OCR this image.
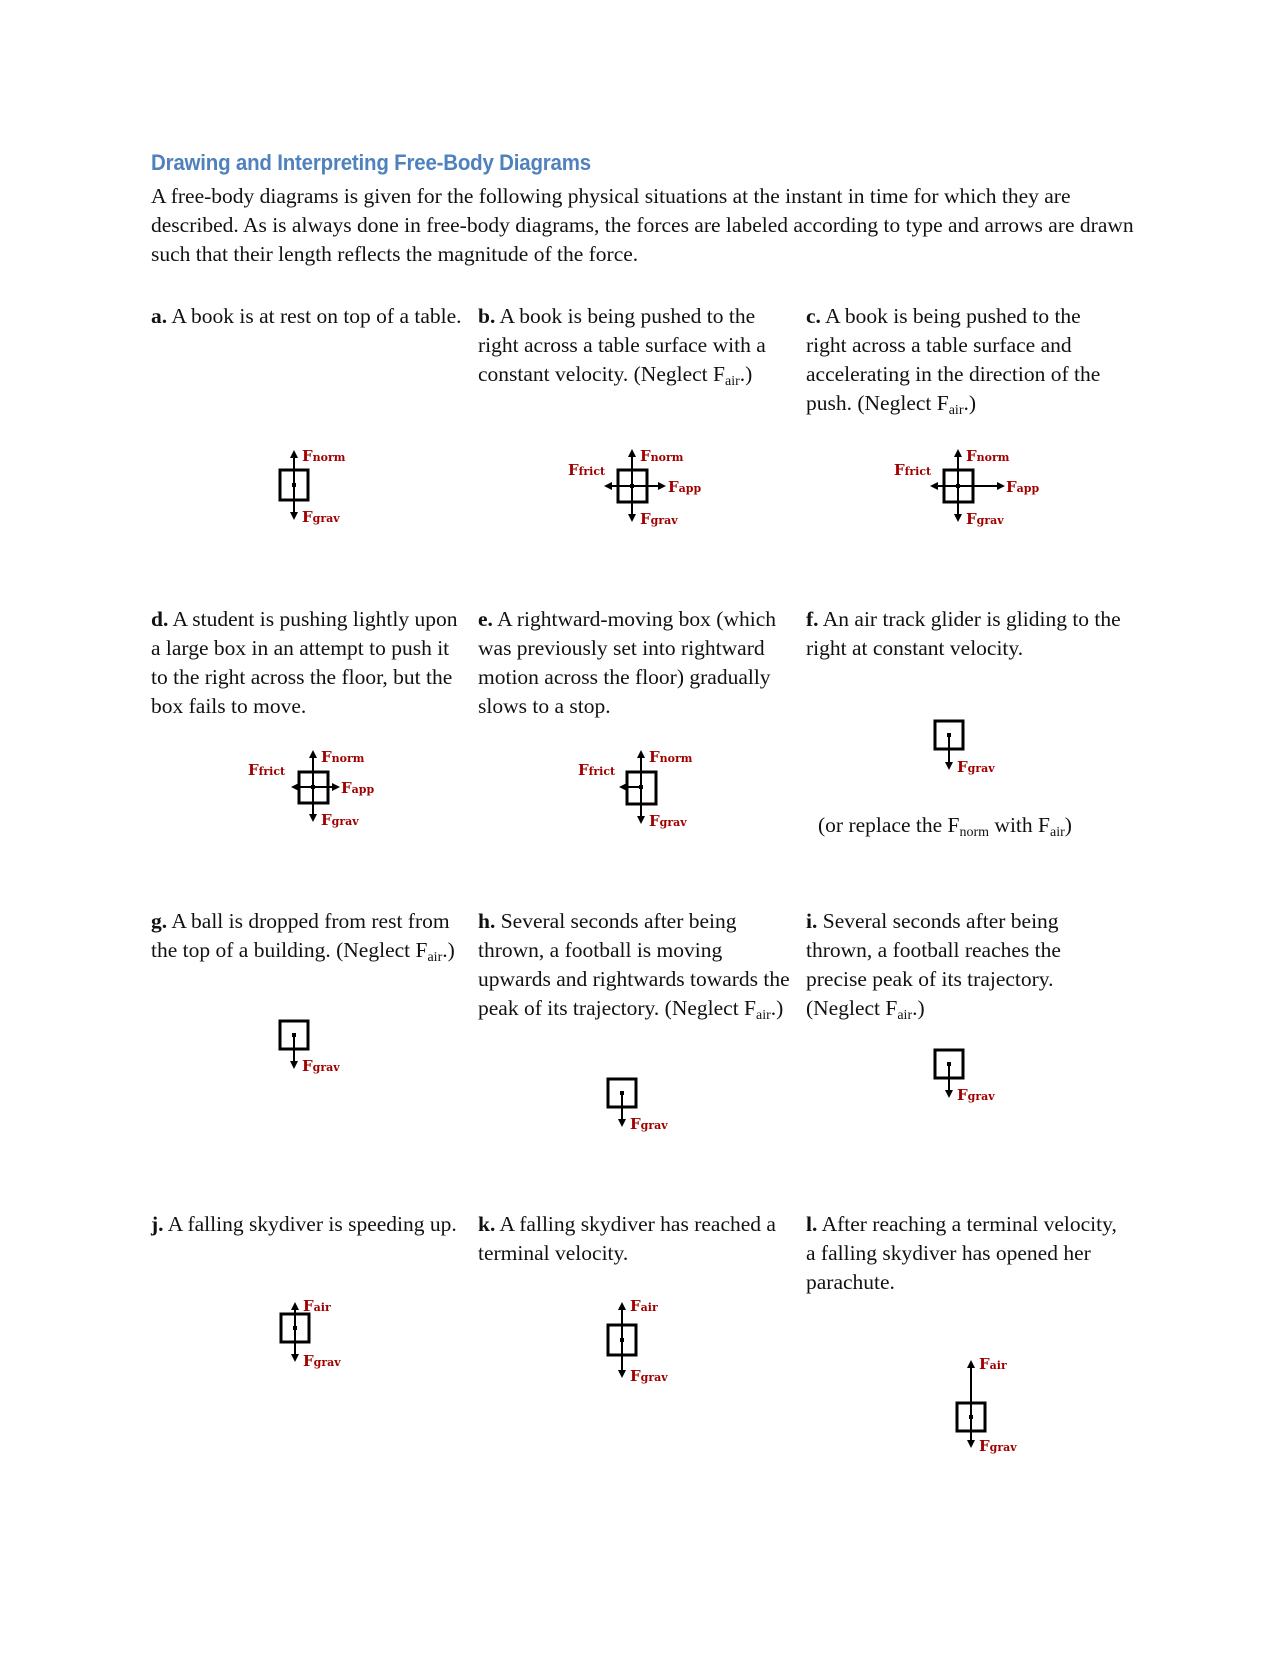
Drawing and Interpreting Free-Body Diagrams
A free-body diagrams is given for the following physical situations at the instant in time for which they are described. As is always done in free-body diagrams, the forces are labeled according to type and arrows are drawn such that their length reflects the magnitude of the force.
a. A book is at rest on top of a table. b. A book is being pushed to the right across a table surface with a constant velocity. (Neglect $F_{air}$.)
c. A book is being pushed to the right across a table surface and accelerating in the direction of the push. (Neglect $F_{air}$.)
d. A student is pushing lightly upon a large box in an attempt to push it to the right across the floor, but the box fails to move.
e. A rightward-moving box (which was previously set into rightward motion across the floor) gradually slows to a stop.
f. An air track glider is gliding to the right at constant velocity.
g. A ball is dropped from rest from the top of a building. (Neglect $F_{air}$.)
h. Several seconds after being thrown, a football is moving upwards and rightwards towards the peak of its trajectory. (Neglect $F_{air}$.)
i. Several seconds after being thrown, a football reaches the precise peak of its trajectory. (Neglect $F_{air}$.)
j. A falling skydiver is speeding up. k. A falling skydiver has reached a terminal velocity.
l. After reaching a terminal velocity, a falling skydiver has opened her parachute.
(or replace the $F_{norm}$ with $F_{air}$)
Fnorm
Fgrav
Fnorm
Ffrict
Fapp
Fgrav
Fnorm
Ffrict
Fapp
Fgrav
Fnorm
Ffrict
Fapp
Fgrav
Fnorm
Ffrict
Fgrav
Fgrav
Fgrav
Fgrav
Fgrav
Fair
Fgrav
Fair
Fgrav
Fair
Fgrav
